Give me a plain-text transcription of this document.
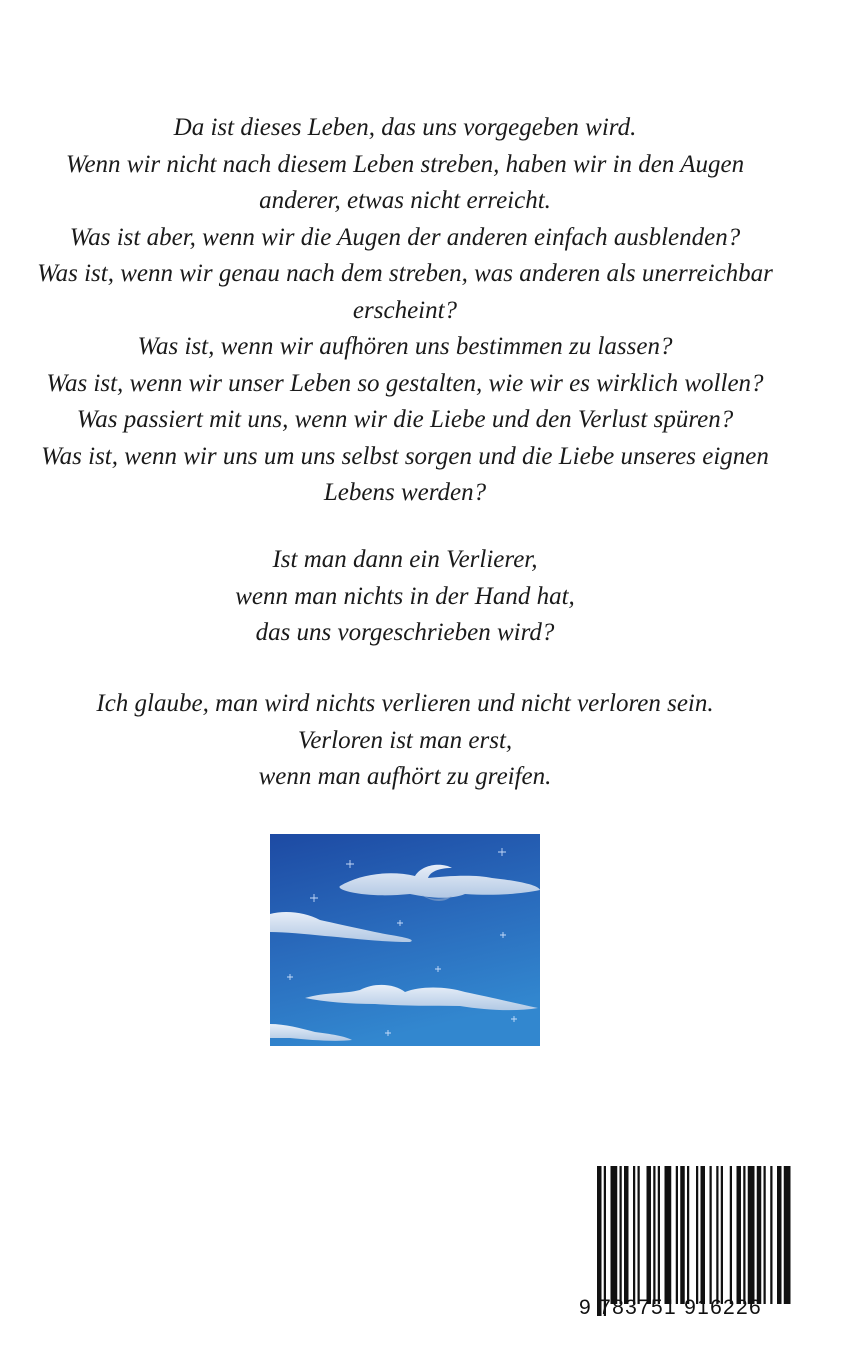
Da ist dieses Leben, das uns vorgegeben wird.
Wenn wir nicht nach diesem Leben streben, haben wir in den Augen
anderer, etwas nicht erreicht.
Was ist aber, wenn wir die Augen der anderen einfach ausblenden?
Was ist, wenn wir genau nach dem streben, was anderen als unerreichbar
erscheint?
Was ist, wenn wir aufhören uns bestimmen zu lassen?
Was ist, wenn wir unser Leben so gestalten, wie wir es wirklich wollen?
Was passiert mit uns, wenn wir die Liebe und den Verlust spüren?
Was ist, wenn wir uns um uns selbst sorgen und die Liebe unseres eignen
Lebens werden?
Ist man dann ein Verlierer,
wenn man nichts in der Hand hat,
das uns vorgeschrieben wird?
Ich glaube, man wird nichts verlieren und nicht verloren sein.
Verloren ist man erst,
wenn man aufhört zu greifen.
9 783751 916226
